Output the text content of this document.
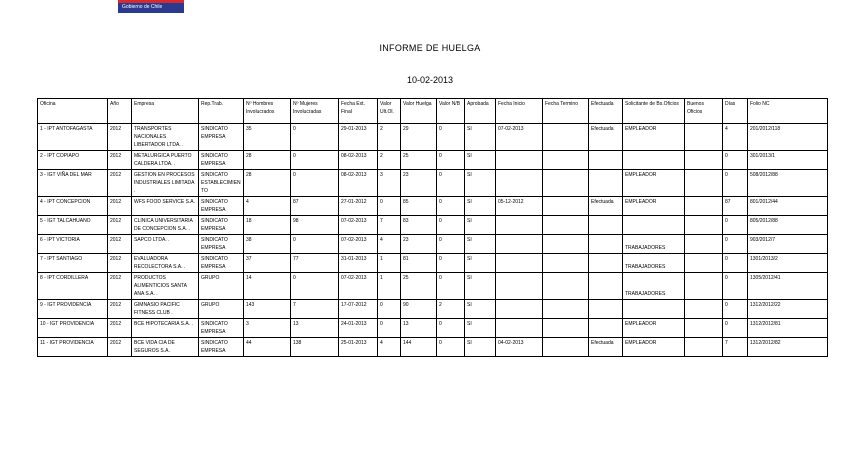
Gobierno de Chile
INFORME DE HUELGA
10-02-2013
Oficina	Año	Empresa	Rep.Trab.	Nº Hombres Involucrados	Nº Mujeres Involucradas	Fecha Ext. Final	Valor Ult.Ol.	Valor Huelga	Valor N/B	Aprobada	Fecha Inicio	Fecha Termino	Efectuada	Solicitante de Bs.Oficios	Buenos Oficios	Días	Folio NC
1 - IPT ANTOFAGASTA	2012	TRANSPORTES NACIONALES LIBERTADOR LTDA. .	SINDICATO EMPRESA	35	0	29-01-2013	2	29	0	SI	07-02-2013		Efectuada	EMPLEADOR		4	201/2012/118
2 - IPT COPIAPO	2012	METALURGICA PUERTO CALDERA LTDA. .	SINDICATO EMPRESA	28	0	08-02-2013	2	25	0	SI						0	301/2013/1
3 - IGT VIÑA DEL MAR	2012	GESTION EN PROCESOS INDUSTRIALES LIMITADA .	SINDICATO ESTABLECIMIENTO	28	0	08-02-2013	3	23	0	SI				EMPLEADOR		0	508/2012/88
4 - IPT CONCEPCION	2012	WFS FOOD SERVICE S.A.	SINDICATO EMPRESA	4	87	27-01-2012	0	85	0	SI	05-12-2012		Efectuada	EMPLEADOR		87	801/2012/44
5 - IGT TALCAHUANO	2012	CLINICA UNIVERSITARIA DE CONCEPCION S.A. .	SINDICATO EMPRESA	18	98	07-02-2013	7	83	0	SI						0	805/2012/88
6 - IPT VICTORIA	2012	SAPCO LTDA. .	SINDICATO EMPRESA	38	0	07-02-2013	4	23	0	SI				TRABAJADORES		0	903/2012/7
7 - IPT SANTIAGO	2012	EVALUADORA RECOLECTORA S.A. .	SINDICATO EMPRESA	37	77	31-01-2013	1	81	0	SI				TRABAJADORES		0	1301/2013/2
8 - IPT CORDILLERA	2012	PRODUCTOS ALIMENTICIOS SANTA ANA S.A. .	GRUPO	14	0	07-02-2013	1	25	0	SI				TRABAJADORES		0	1305/2012/41
9 - IGT PROVIDENCIA	2012	GIMNASIO PACIFIC FITNESS CLUB .	GRUPO	143	7	17-07-2012	0	90	2	SI						0	1312/2012/22
10 - IGT PROVIDENCIA	2012	BCE HIPOTECARIA S.A. .	SINDICATO EMPRESA	3	13	24-01-2013	0	13	0	SI				EMPLEADOR		0	1312/2012/81
11 - IGT PROVIDENCIA	2012	BCE VIDA CIA DE SEGUROS S.A.	SINDICATO EMPRESA	44	138	25-01-2013	4	144	0	SI	04-02-2013		Efectuada	EMPLEADOR		7	1312/2012/82
